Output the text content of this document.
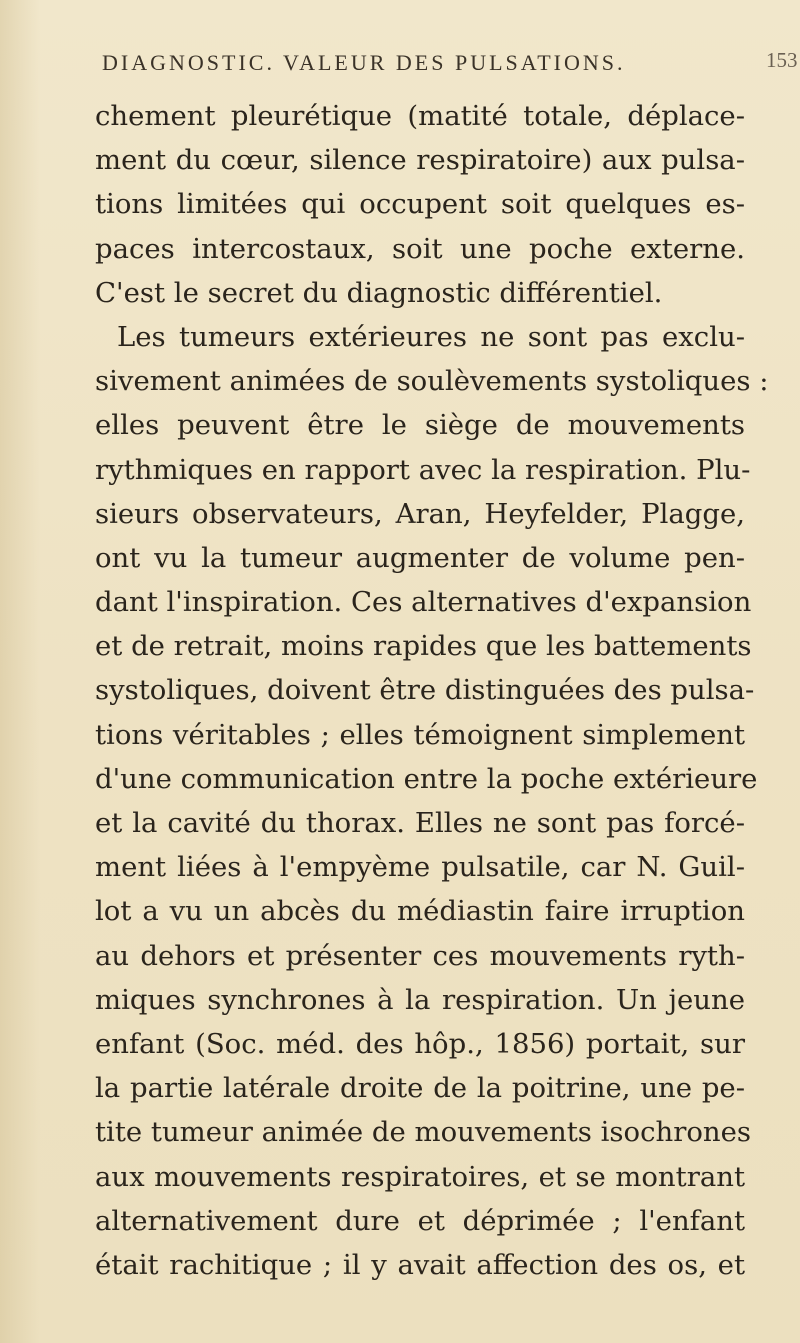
DIAGNOSTIC. VALEUR DES PULSATIONS.	153
chement pleurétique (matité totale, déplace-
ment du cœur, silence respiratoire) aux pulsa-
tions limitées qui occupent soit quelques es-
paces intercostaux, soit une poche externe.
C'est le secret du diagnostic différentiel.
Les tumeurs extérieures ne sont pas exclu-
sivement animées de soulèvements systoliques :
elles peuvent être le siège de mouvements
rythmiques en rapport avec la respiration. Plu-
sieurs observateurs, Aran, Heyfelder, Plagge,
ont vu la tumeur augmenter de volume pen-
dant l'inspiration. Ces alternatives d'expansion
et de retrait, moins rapides que les battements
systoliques, doivent être distinguées des pulsa-
tions véritables ; elles témoignent simplement
d'une communication entre la poche extérieure
et la cavité du thorax. Elles ne sont pas forcé-
ment liées à l'empyème pulsatile, car N. Guil-
lot a vu un abcès du médiastin faire irruption
au dehors et présenter ces mouvements ryth-
miques synchrones à la respiration. Un jeune
enfant (Soc. méd. des hôp., 1856) portait, sur
la partie latérale droite de la poitrine, une pe-
tite tumeur animée de mouvements isochrones
aux mouvements respiratoires, et se montrant
alternativement dure et déprimée ; l'enfant
était rachitique ; il y avait affection des os, et
